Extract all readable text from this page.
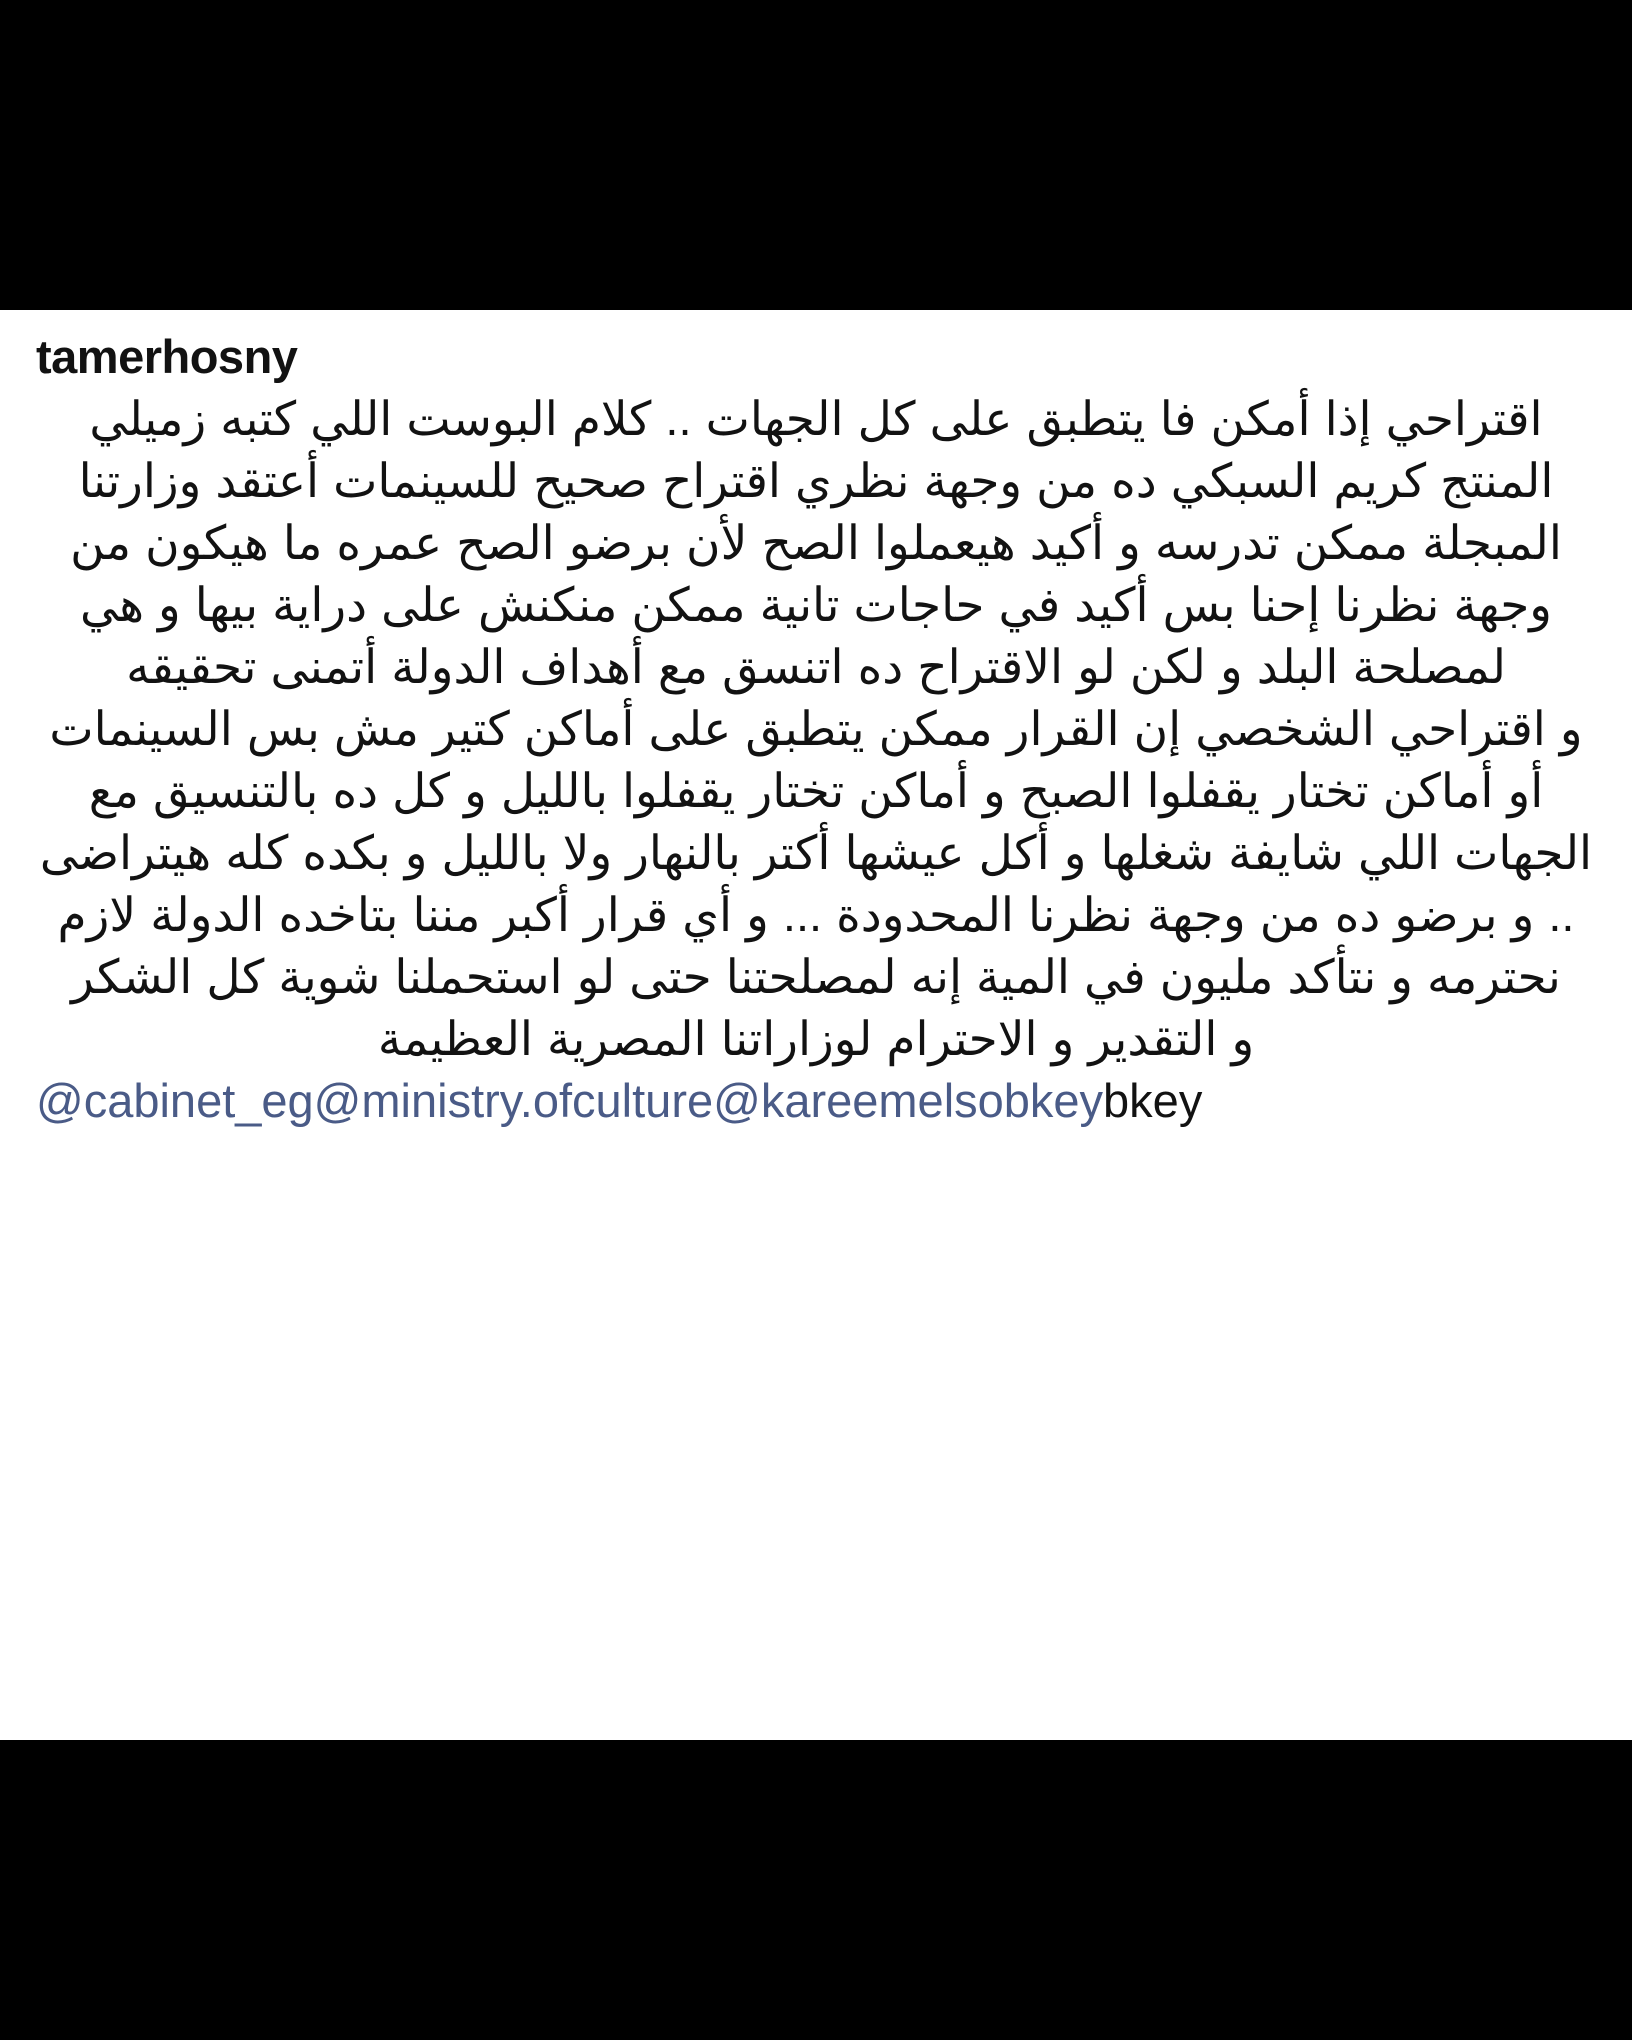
tamerhosny

اقتراحي إذا أمكن فا يتطبق على كل الجهات .. كلام البوست اللي كتبه زميلي المنتج كريم السبكي ده من وجهة نظري اقتراح صحيح للسينمات أعتقد وزارتنا المبجلة ممكن تدرسه و أكيد هيعملوا الصح لأن برضو الصح عمره ما هيكون من وجهة نظرنا إحنا بس أكيد في حاجات تانية ممكن منكنش على دراية بيها و هي لمصلحة البلد و لكن لو الاقتراح ده اتنسق مع أهداف الدولة أتمنى تحقيقه

و اقتراحي الشخصي إن القرار ممكن يتطبق على أماكن كتير مش بس السينمات أو أماكن تختار يقفلوا الصبح و أماكن تختار يقفلوا بالليل و كل ده بالتنسيق مع الجهات اللي شايفة شغلها و أكل عيشها أكتر بالنهار ولا بالليل و بكده كله هيتراضى .. و برضو ده من وجهة نظرنا المحدودة ... و أي قرار أكبر مننا بتاخده الدولة لازم نحترمه و نتأكد مليون في المية إنه لمصلحتنا حتى لو استحملنا شوية كل الشكر

و التقدير و الاحترام لوزاراتنا المصرية العظيمة

@cabinet_eg@ministry.ofculture@kareemelsobkeybkey
